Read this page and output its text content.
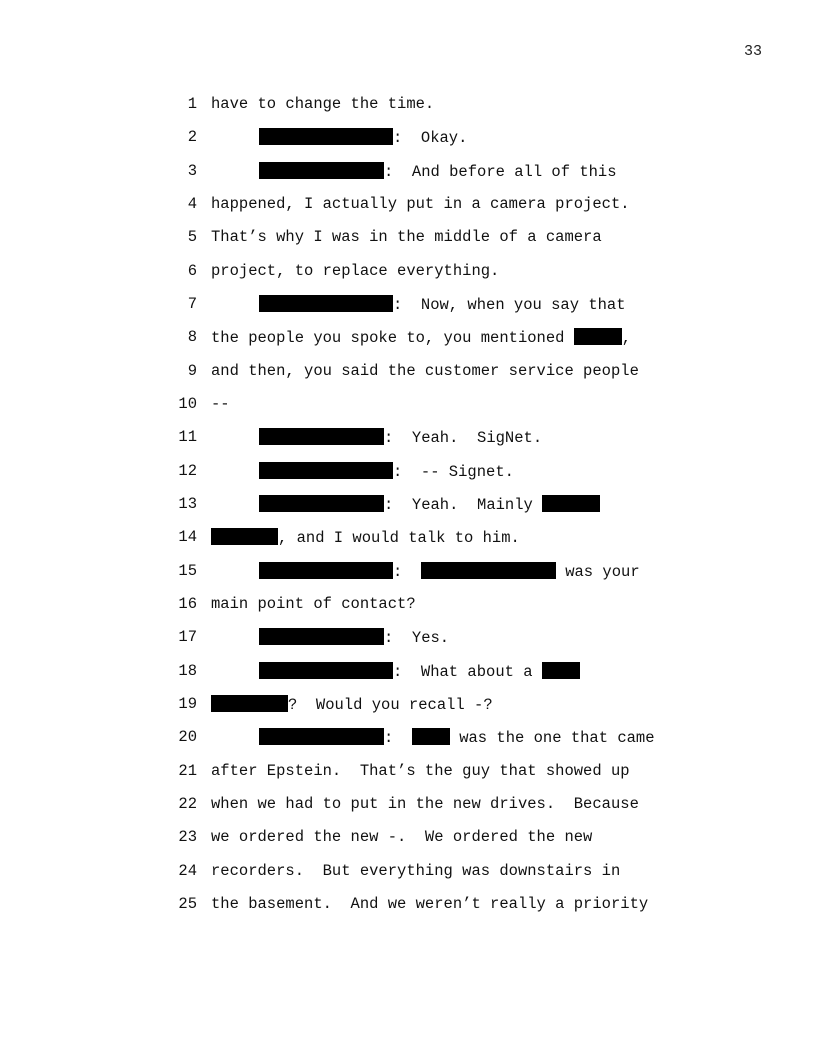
33

1

have to change the time.

2

	:  Okay.

3

	:  And before all of this

4

happened, I actually put in a camera project.

5

That’s why I was in the middle of a camera

6

project, to replace everything.

7

	:  Now, when you say that

8

the people you spoke to, you mentioned	,

9

and then, you said the customer service people

10

--

11

	:  Yeah.  SigNet.

12

	:  -- Signet.

13

	:  Yeah.  Mainly

14

	, and I would talk to him.

15

	:	was your

16

main point of contact?

17

	:  Yes.

18

	:  What about a

19

	?  Would you recall -?

20

	:   was the one that came

21

after Epstein.  That’s the guy that showed up

22

when we had to put in the new drives.  Because

23

we ordered the new -.  We ordered the new

24

recorders.  But everything was downstairs in

25

the basement.  And we weren’t really a priority
